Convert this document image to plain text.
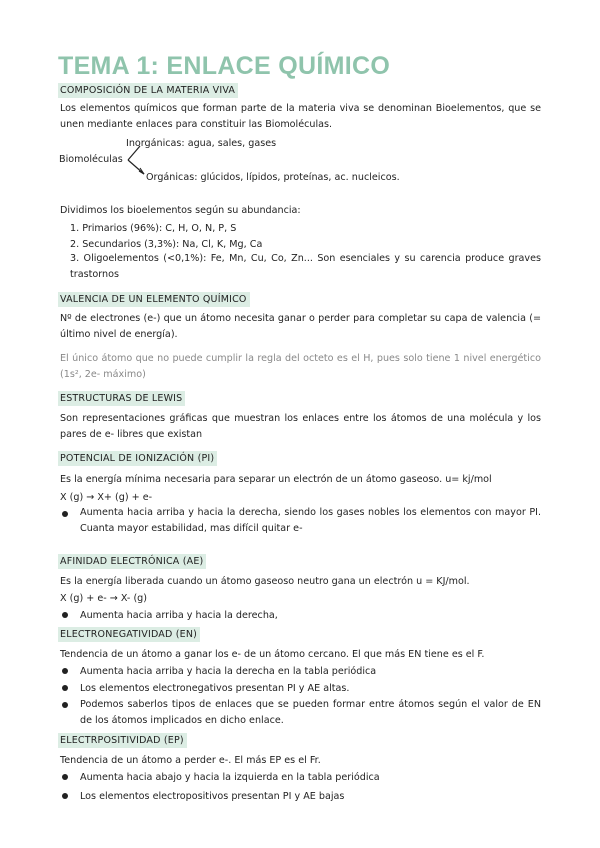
TEMA 1: ENLACE QUÍMICO
COMPOSICIÓN DE LA MATERIA VIVA
Los elementos químicos que forman parte de la materia viva se denominan Bioelementos, que se unen mediante enlaces para constituir las Biomoléculas.
Inorgánicas: agua, sales, gases
Biomoléculas
Orgánicas: glúcidos, lípidos, proteínas, ac. nucleicos.
Dividimos los bioelementos según su abundancia:
1. Primarios (96%): C, H, O, N, P, S
2. Secundarios (3,3%): Na, Cl, K, Mg, Ca
3. Oligoelementos (<0,1%): Fe, Mn, Cu, Co, Zn... Son esenciales y su carencia produce graves trastornos
VALENCIA DE UN ELEMENTO QUÍMICO
Nº de electrones (e-) que un átomo necesita ganar o perder para completar su capa de valencia (= último nivel de energía).
El único átomo que no puede cumplir la regla del octeto es el H, pues solo tiene 1 nivel energético (1s², 2e- máximo)
ESTRUCTURAS DE LEWIS
Son representaciones gráficas que muestran los enlaces entre los átomos de una molécula y los pares de e- libres que existan
POTENCIAL DE IONIZACIÓN (PI)
Es la energía mínima necesaria para separar un electrón de un átomo gaseoso. u= kj/mol
X (g) → X+ (g) + e-
Aumenta hacia arriba y hacia la derecha, siendo los gases nobles los elementos con mayor PI. Cuanta mayor estabilidad, mas difícil quitar e-
AFINIDAD ELECTRÓNICA (AE)
Es la energía liberada cuando un átomo gaseoso neutro gana un electrón u = KJ/mol.
X (g) + e- → X- (g)
Aumenta hacia arriba y hacia la derecha,
ELECTRONEGATIVIDAD (EN)
Tendencia de un átomo a ganar los e- de un átomo cercano. El que más EN tiene es el F.
Aumenta hacia arriba y hacia la derecha en la tabla periódica
Los elementos electronegativos presentan PI y AE altas.
Podemos saberlos tipos de enlaces que se pueden formar entre átomos según el valor de EN de los átomos implicados en dicho enlace.
ELECTRPOSITIVIDAD (EP)
Tendencia de un átomo a perder e-. El más EP es el Fr.
Aumenta hacia abajo y hacia la izquierda en la tabla periódica
Los elementos electropositivos presentan PI y AE bajas
